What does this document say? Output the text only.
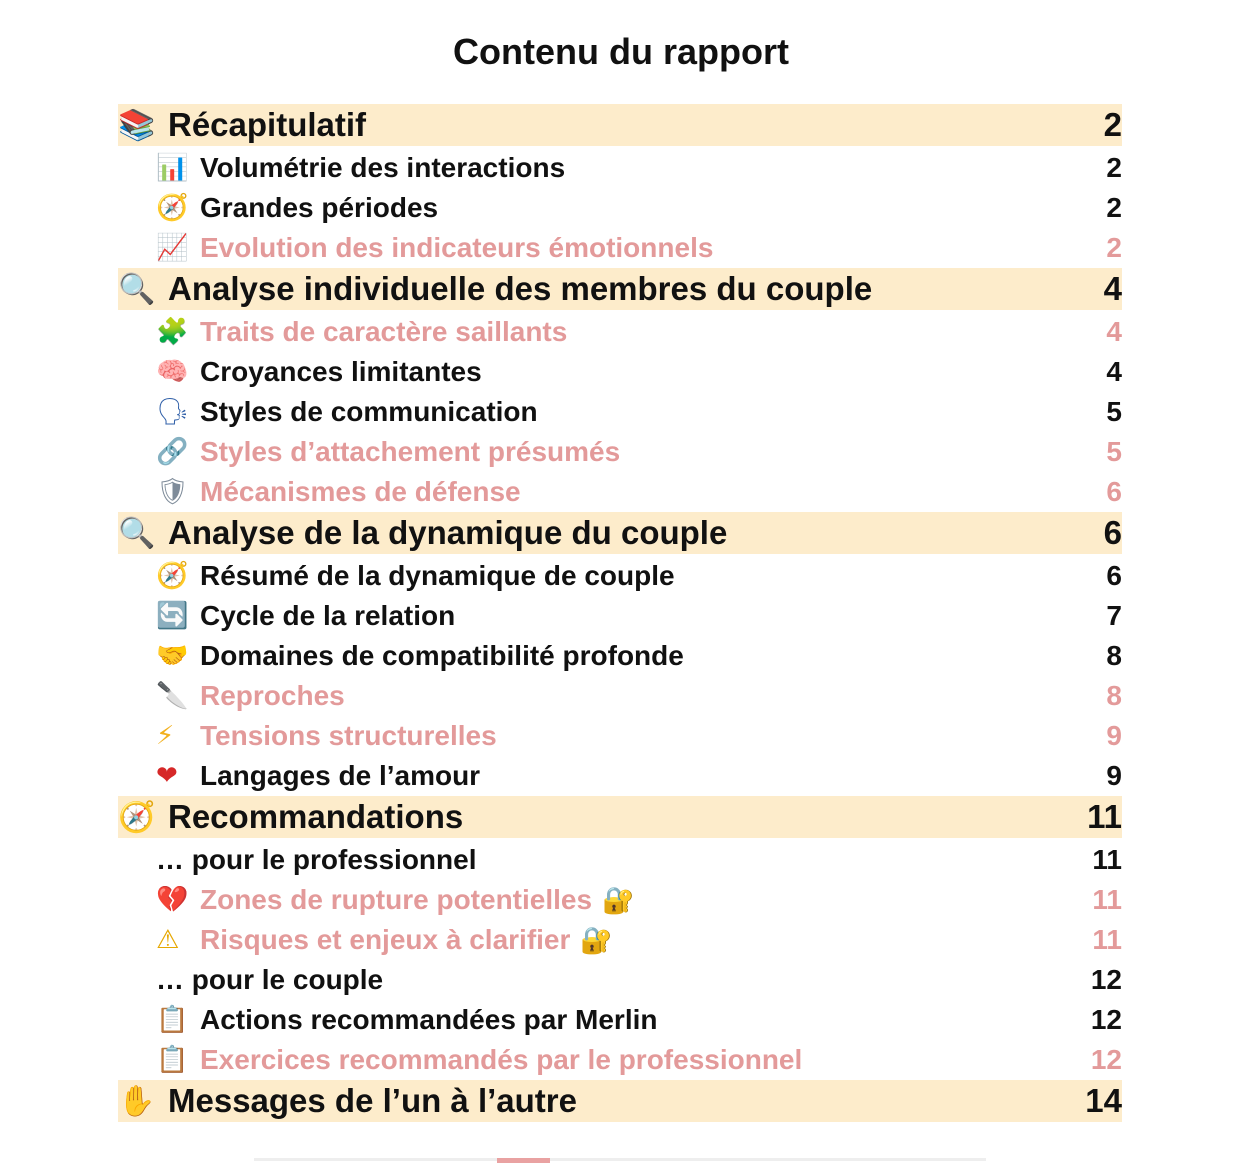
Contenu du rapport
📚 Récapitulatif	2
📊 Volumétrie des interactions	2
🧭 Grandes périodes	2
📈 Evolution des indicateurs émotionnels	2
🔍 Analyse individuelle des membres du couple	4
🧩 Traits de caractère saillants	4
🧠 Croyances limitantes	4
🗣 Styles de communication	5
🔗 Styles d’attachement présumés	5
🛡 Mécanismes de défense	6
🔍 Analyse de la dynamique du couple	6
🧭 Résumé de la dynamique de couple	6
🔄 Cycle de la relation	7
🤝 Domaines de compatibilité profonde	8
🔪 Reproches	8
⚡ Tensions structurelles	9
❤ Langages de l’amour	9
🧭 Recommandations	11
… pour le professionnel	11
💔 Zones de rupture potentielles 🔐	11
⚠ Risques et enjeux à clarifier 🔐	11
… pour le couple	12
📋 Actions recommandées par Merlin	12
📋 Exercices recommandés par le professionnel	12
✋ Messages de l’un à l’autre	14
